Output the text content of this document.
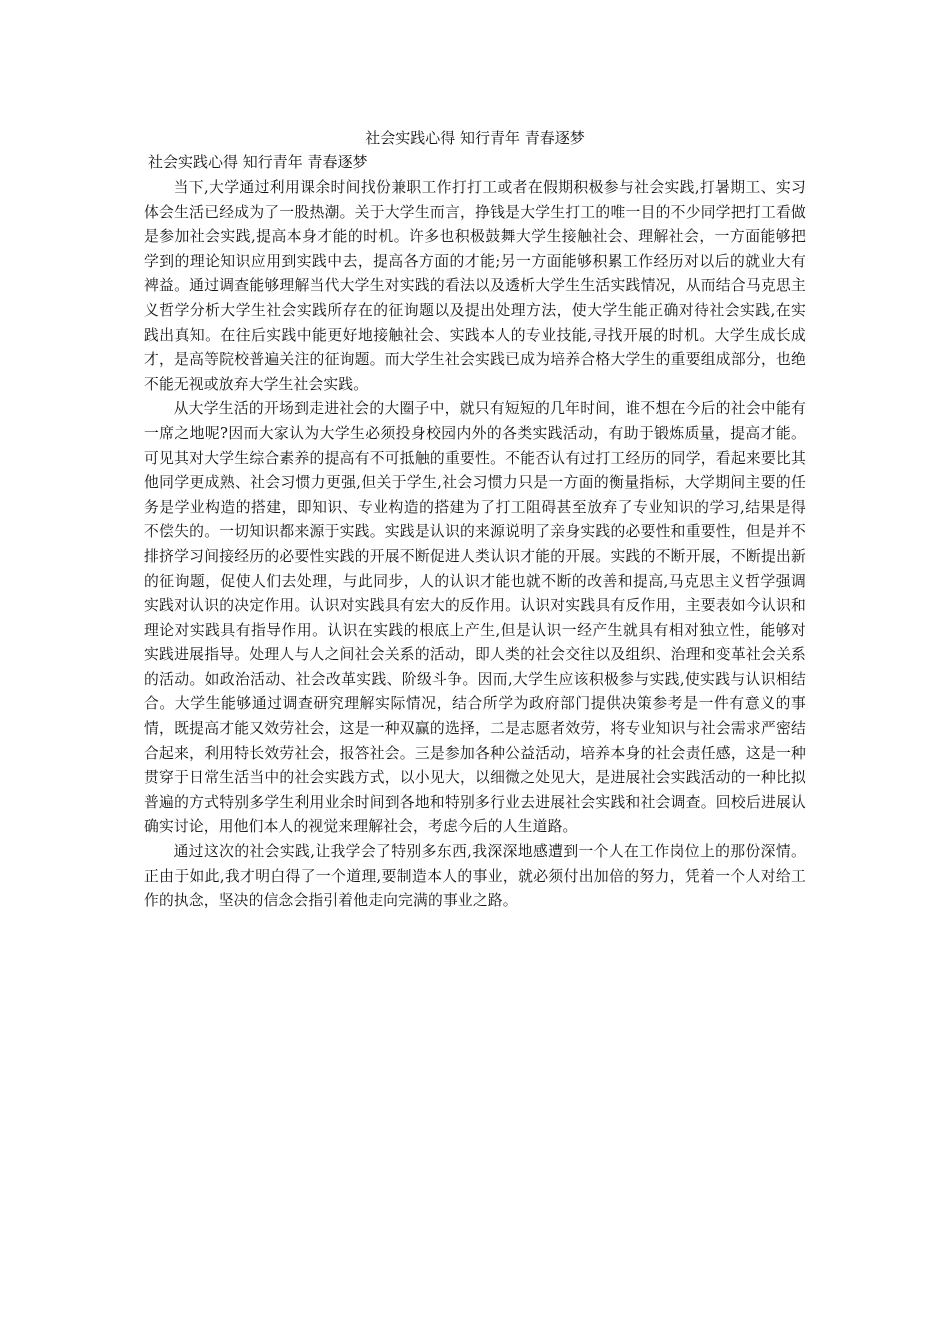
社会实践心得 知行青年 青春逐梦
社会实践心得 知行青年 青春逐梦

当下,大学通过利用课余时间找份兼职工作打打工或者在假期积极参与社会实践,打暑期工、实习体会生活已经成为了一股热潮。关于大学生而言，挣钱是大学生打工的唯一目的不少同学把打工看做是参加社会实践,提高本身才能的时机。许多也积极鼓舞大学生接触社会、理解社会，一方面能够把学到的理论知识应用到实践中去，提高各方面的才能;另一方面能够积累工作经历对以后的就业大有裨益。通过调查能够理解当代大学生对实践的看法以及透析大学生生活实践情况，从而结合马克思主义哲学分析大学生社会实践所存在的征询题以及提出处理方法，使大学生能正确对待社会实践,在实践出真知。在往后实践中能更好地接触社会、实践本人的专业技能,寻找开展的时机。大学生成长成才，是高等院校普遍关注的征询题。而大学生社会实践已成为培养合格大学生的重要组成部分，也绝不能无视或放弃大学生社会实践。

从大学生活的开场到走进社会的大圈子中，就只有短短的几年时间，谁不想在今后的社会中能有一席之地呢?因而大家认为大学生必须投身校园内外的各类实践活动，有助于锻炼质量，提高才能。可见其对大学生综合素养的提高有不可抵触的重要性。不能否认有过打工经历的同学，看起来要比其他同学更成熟、社会习惯力更强,但关于学生,社会习惯力只是一方面的衡量指标，大学期间主要的任务是学业构造的搭建，即知识、专业构造的搭建为了打工阻碍甚至放弃了专业知识的学习,结果是得不偿失的。一切知识都来源于实践。实践是认识的来源说明了亲身实践的必要性和重要性，但是并不排挤学习间接经历的必要性实践的开展不断促进人类认识才能的开展。实践的不断开展，不断提出新的征询题，促使人们去处理，与此同步，人的认识才能也就不断的改善和提高,马克思主义哲学强调实践对认识的决定作用。认识对实践具有宏大的反作用。认识对实践具有反作用，主要表如今认识和理论对实践具有指导作用。认识在实践的根底上产生,但是认识一经产生就具有相对独立性，能够对实践进展指导。处理人与人之间社会关系的活动，即人类的社会交往以及组织、治理和变革社会关系的活动。如政治活动、社会改革实践、阶级斗争。因而,大学生应该积极参与实践,使实践与认识相结合。大学生能够通过调查研究理解实际情况，结合所学为政府部门提供决策参考是一件有意义的事情，既提高才能又效劳社会，这是一种双赢的选择，二是志愿者效劳，将专业知识与社会需求严密结合起来，利用特长效劳社会，报答社会。三是参加各种公益活动，培养本身的社会责任感，这是一种贯穿于日常生活当中的社会实践方式，以小见大，以细微之处见大，是进展社会实践活动的一种比拟普遍的方式特别多学生利用业余时间到各地和特别多行业去进展社会实践和社会调查。回校后进展认确实讨论，用他们本人的视觉来理解社会，考虑今后的人生道路。

通过这次的社会实践,让我学会了特别多东西,我深深地感遭到一个人在工作岗位上的那份深情。正由于如此,我才明白得了一个道理,要制造本人的事业，就必须付出加倍的努力，凭着一个人对给工作的执念，坚决的信念会指引着他走向完满的事业之路。
